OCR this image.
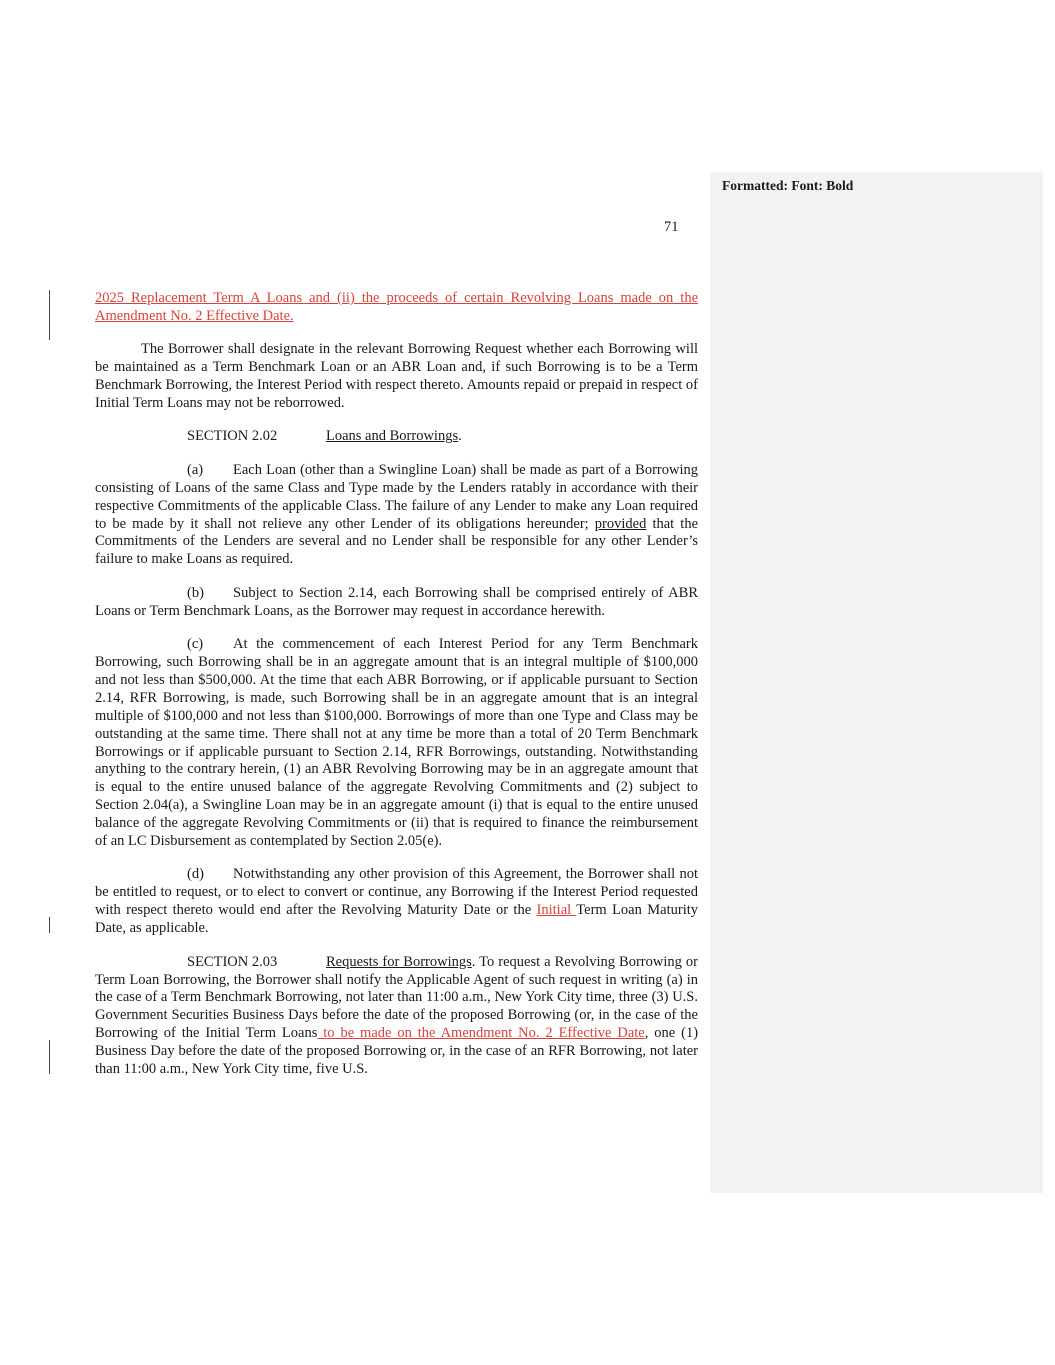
Formatted: Font: Bold
71

2025 Replacement Term A Loans and (ii) the proceeds of certain Revolving Loans made on the Amendment No. 2 Effective Date.

The Borrower shall designate in the relevant Borrowing Request whether each Borrowing will be maintained as a Term Benchmark Loan or an ABR Loan and, if such Borrowing is to be a Term Benchmark Borrowing, the Interest Period with respect thereto. Amounts repaid or prepaid in respect of Initial Term Loans may not be reborrowed.

SECTION 2.02	Loans and Borrowings.

(a) Each Loan (other than a Swingline Loan) shall be made as part of a Borrowing consisting of Loans of the same Class and Type made by the Lenders ratably in accordance with their respective Commitments of the applicable Class. The failure of any Lender to make any Loan required to be made by it shall not relieve any other Lender of its obligations hereunder; provided that the Commitments of the Lenders are several and no Lender shall be responsible for any other Lender’s failure to make Loans as required.

(b) Subject to Section 2.14, each Borrowing shall be comprised entirely of ABR Loans or Term Benchmark Loans, as the Borrower may request in accordance herewith.

(c) At the commencement of each Interest Period for any Term Benchmark Borrowing, such Borrowing shall be in an aggregate amount that is an integral multiple of $100,000 and not less than $500,000. At the time that each ABR Borrowing, or if applicable pursuant to Section 2.14, RFR Borrowing, is made, such Borrowing shall be in an aggregate amount that is an integral multiple of $100,000 and not less than $100,000. Borrowings of more than one Type and Class may be outstanding at the same time. There shall not at any time be more than a total of 20 Term Benchmark Borrowings or if applicable pursuant to Section 2.14, RFR Borrowings, outstanding. Notwithstanding anything to the contrary herein, (1) an ABR Revolving Borrowing may be in an aggregate amount that is equal to the entire unused balance of the aggregate Revolving Commitments and (2) subject to Section 2.04(a), a Swingline Loan may be in an aggregate amount (i) that is equal to the entire unused balance of the aggregate Revolving Commitments or (ii) that is required to finance the reimbursement of an LC Disbursement as contemplated by Section 2.05(e).

(d) Notwithstanding any other provision of this Agreement, the Borrower shall not be entitled to request, or to elect to convert or continue, any Borrowing if the Interest Period requested with respect thereto would end after the Revolving Maturity Date or the Initial Term Loan Maturity Date, as applicable.

SECTION 2.03	Requests for Borrowings. To request a Revolving Borrowing or Term Loan Borrowing, the Borrower shall notify the Applicable Agent of such request in writing (a) in the case of a Term Benchmark Borrowing, not later than 11:00 a.m., New York City time, three (3) U.S. Government Securities Business Days before the date of the proposed Borrowing (or, in the case of the Borrowing of the Initial Term Loans to be made on the Amendment No. 2 Effective Date, one (1) Business Day before the date of the proposed Borrowing or, in the case of an RFR Borrowing, not later than 11:00 a.m., New York City time, five U.S.
